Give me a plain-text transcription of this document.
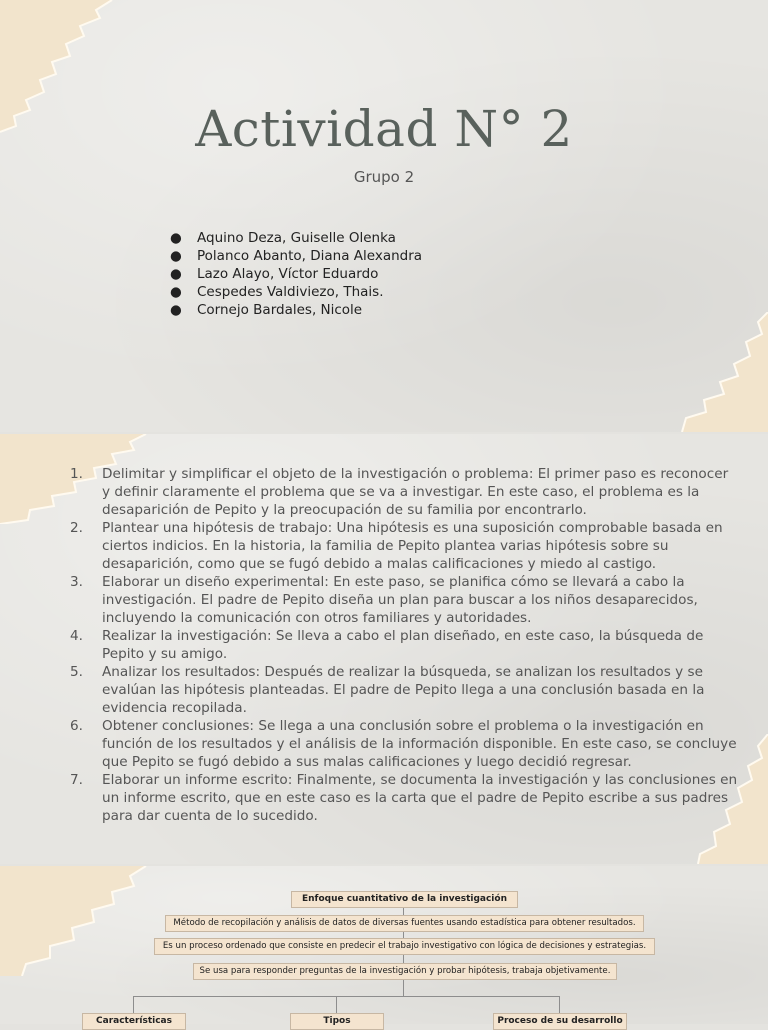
Actividad N° 2
Grupo 2
● Aquino Deza, Guiselle Olenka
● Polanco Abanto, Diana Alexandra
● Lazo Alayo, Víctor Eduardo
● Cespedes Valdiviezo, Thais.
● Cornejo Bardales, Nicole
1.	Delimitar y simplificar el objeto de la investigación o problema: El primer paso es reconocer y definir claramente el problema que se va a investigar. En este caso, el problema es la desaparición de Pepito y la preocupación de su familia por encontrarlo.
2.	Plantear una hipótesis de trabajo: Una hipótesis es una suposición comprobable basada en ciertos indicios. En la historia, la familia de Pepito plantea varias hipótesis sobre su desaparición, como que se fugó debido a malas calificaciones y miedo al castigo.
3.	Elaborar un diseño experimental: En este paso, se planifica cómo se llevará a cabo la investigación. El padre de Pepito diseña un plan para buscar a los niños desaparecidos, incluyendo la comunicación con otros familiares y autoridades.
4.	Realizar la investigación: Se lleva a cabo el plan diseñado, en este caso, la búsqueda de Pepito y su amigo.
5.	Analizar los resultados: Después de realizar la búsqueda, se analizan los resultados y se evalúan las hipótesis planteadas. El padre de Pepito llega a una conclusión basada en la evidencia recopilada.
6.	Obtener conclusiones: Se llega a una conclusión sobre el problema o la investigación en función de los resultados y el análisis de la información disponible. En este caso, se concluye que Pepito se fugó debido a sus malas calificaciones y luego decidió regresar.
7.	Elaborar un informe escrito: Finalmente, se documenta la investigación y las conclusiones en un informe escrito, que en este caso es la carta que el padre de Pepito escribe a sus padres para dar cuenta de lo sucedido.
Enfoque cuantitativo de la investigación
Método de recopilación y análisis de datos de diversas fuentes usando estadística para obtener resultados.
Es un proceso ordenado que consiste en predecir el trabajo investigativo con lógica de decisiones y estrategias.
Se usa para responder preguntas de la investigación y probar hipótesis, trabaja objetivamente.
Características	Tipos	Proceso de su desarrollo
